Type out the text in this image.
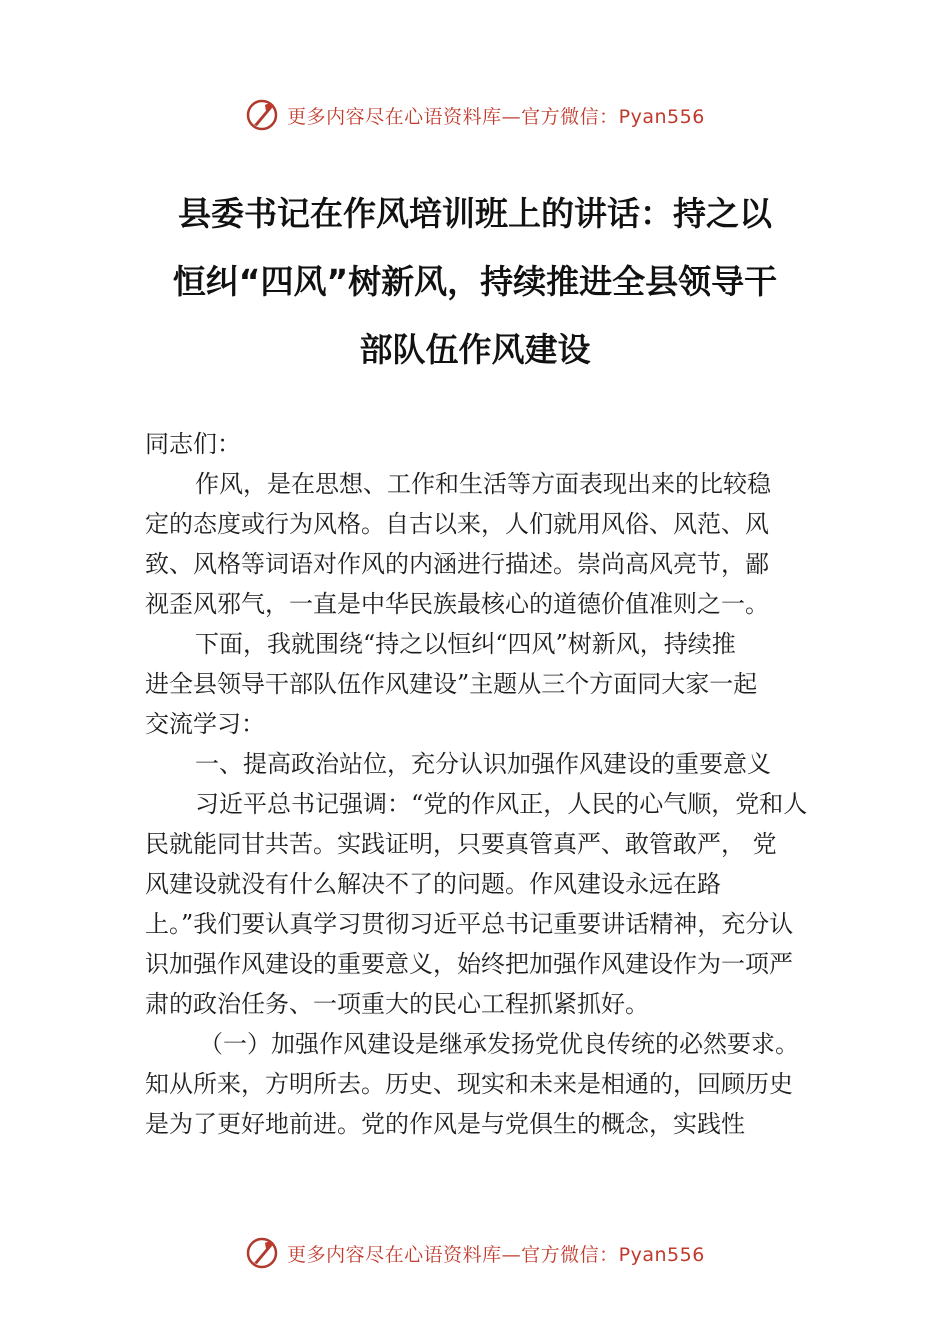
更多内容尽在心语资料库—官方微信：Pyan556
县委书记在作风培训班上的讲话：持之以
恒纠“四风”树新风，持续推进全县领导干
部队伍作风建设

同志们：

作风，是在思想、工作和生活等方面表现出来的比较稳
定的态度或行为风格。自古以来，人们就用风俗、风范、风
致、风格等词语对作风的内涵进行描述。崇尚高风亮节，鄙
视歪风邪气，一直是中华民族最核心的道德价值准则之一。

下面，我就围绕“持之以恒纠“四风”树新风，持续推
进全县领导干部队伍作风建设”主题从三个方面同大家一起
交流学习：

一、提高政治站位，充分认识加强作风建设的重要意义

习近平总书记强调：“党的作风正，人民的心气顺，党和人
民就能同甘共苦。实践证明，只要真管真严、敢管敢严， 党
风建设就没有什么解决不了的问题。作风建设永远在路
上。”我们要认真学习贯彻习近平总书记重要讲话精神，充分认
识加强作风建设的重要意义，始终把加强作风建设作为一项严
肃的政治任务、一项重大的民心工程抓紧抓好。

（一）加强作风建设是继承发扬党优良传统的必然要求。
知从所来，方明所去。历史、现实和未来是相通的，回顾历史
是为了更好地前进。党的作风是与党俱生的概念，实践性

更多内容尽在心语资料库—官方微信：Pyan556
